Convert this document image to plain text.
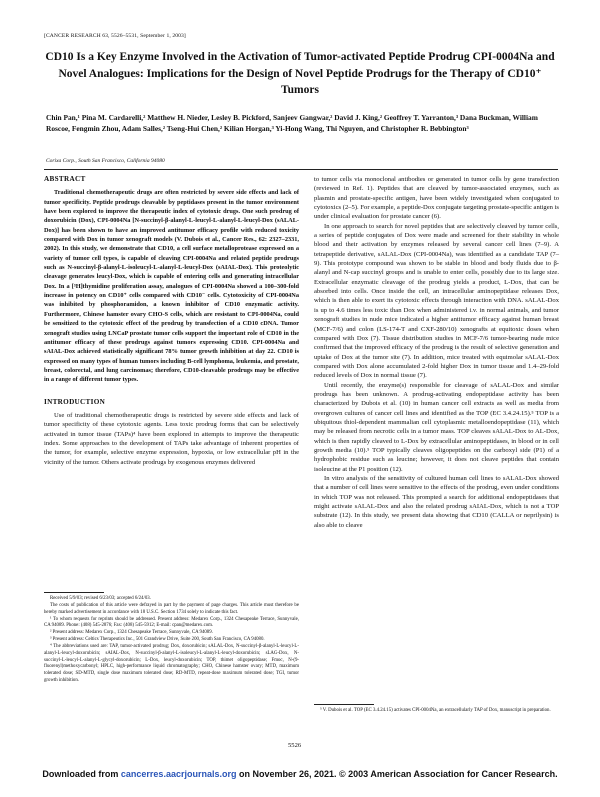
[CANCER RESEARCH 63, 5526–5531, September 1, 2003]
CD10 Is a Key Enzyme Involved in the Activation of Tumor-activated Peptide Prodrug CPI-0004Na and Novel Analogues: Implications for the Design of Novel Peptide Prodrugs for the Therapy of CD10⁺ Tumors
Chin Pan,¹ Pina M. Cardarelli,² Matthew H. Nieder, Lesley B. Pickford, Sanjeev Gangwar,² David J. King,² Geoffrey T. Yarranton,³ Dana Buckman, William Roscoe, Fengmin Zhou, Adam Salles,² Tseng-Hui Chen,² Kilian Horgan,³ Yi-Hong Wang, Thi Nguyen, and Christopher R. Bebbington³
Corixa Corp., South San Francisco, California 94080

ABSTRACT

Traditional chemotherapeutic drugs are often restricted by severe side effects and lack of tumor specificity. Peptide prodrugs cleavable by peptidases present in the tumor environment have been explored to improve the therapeutic index of cytotoxic drugs. One such prodrug of doxorubicin (Dox), CPI-0004Na [N-succinyl-β-alanyl-L-leucyl-L-alanyl-L-leucyl-Dox (sALAL-Dox)] has been shown to have an improved antitumor efficacy profile with reduced toxicity compared with Dox in tumor xenograft models (V. Dubois et al., Cancer Res., 62: 2327–2331, 2002). In this study, we demonstrate that CD10, a cell surface metalloprotease expressed on a variety of tumor cell types, is capable of cleaving CPI-0004Na and related peptide prodrugs such as N-succinyl-β-alanyl-L-isoleucyl-L-alanyl-L-leucyl-Dox (sAIAL-Dox). This proteolytic cleavage generates leucyl-Dox, which is capable of entering cells and generating intracellular Dox. In a [³H]thymidine proliferation assay, analogues of CPI-0004Na showed a 100–300-fold increase in potency on CD10⁺ cells compared with CD10⁻ cells. Cytotoxicity of CPI-0004Na was inhibited by phosphoramidon, a known inhibitor of CD10 enzymatic activity. Furthermore, Chinese hamster ovary CHO-S cells, which are resistant to CPI-0004Na, could be sensitized to the cytotoxic effect of the prodrug by transfection of a CD10 cDNA. Tumor xenograft studies using LNCaP prostate tumor cells support the important role of CD10 in the antitumor efficacy of these prodrugs against tumors expressing CD10. CPI-0004Na and sAIAL-Dox achieved statistically significant 78% tumor growth inhibition at day 22. CD10 is expressed on many types of human tumors including B-cell lymphoma, leukemia, and prostate, breast, colorectal, and lung carcinomas; therefore, CD10-cleavable prodrugs may be effective in a range of different tumor types.

INTRODUCTION

Use of traditional chemotherapeutic drugs is restricted by severe side effects and lack of tumor specificity of these cytotoxic agents. Less toxic prodrug forms that can be selectively activated in tumor tissue (TAPs)⁴ have been explored in attempts to improve the therapeutic index. Some approaches to the development of TAPs take advantage of inherent properties of the tumor, for example, selective enzyme expression, hypoxia, or low extracellular pH in the vicinity of the tumor. Others activate prodrugs by exogenous enzymes delivered

Received 5/9/03; revised 6/23/03; accepted 6/24/03.

The costs of publication of this article were defrayed in part by the payment of page charges. This article must therefore be hereby marked advertisement in accordance with 18 U.S.C. Section 1734 solely to indicate this fact.

¹ To whom requests for reprints should be addressed. Present address: Medarex Corp., 1324 Chesapeake Terrace, Sunnyvale, CA 94089. Phone: (408) 545-2876; Fax: (408) 545-5912; E-mail: cpan@medarex.com.

² Present address: Medarex Corp., 1324 Chesapeake Terrace, Sunnyvale, CA 94089.

³ Present address: Celtics Therapeutics Inc., 501 Grandview Drive, Suite 200, South San Francisco, CA 94080.

⁴ The abbreviations used are: TAP, tumor-activated prodrug; Dox, doxorubicin; sALAL-Dox, N-succinyl-β-alanyl-L-leucyl-L-alanyl-L-leucyl-doxorubicin; sAIAL-Dox, N-succinyl-β-alanyl-L-isoleucyl-L-alanyl-L-leucyl-doxorubicin; sLAG-Dox, N-succinyl-L-leucyl-L-alanyl-L-glycyl-doxorubicin; L-Dox, leucyl-doxorubicin; TOP, thimet oligopeptidase; Fmoc, N-(9-fluorenyl)methoxycarbonyl; HPLC, high-performance liquid chromatography; CHO, Chinese hamster ovary; MTD, maximum tolerated dose; SD-MTD, single dose maximum tolerated dose; RD-MTD, repeat-dose maximum tolerated dose; TGI, tumor growth inhibition.

to tumor cells via monoclonal antibodies or generated in tumor cells by gene transfection (reviewed in Ref. 1). Peptides that are cleaved by tumor-associated enzymes, such as plasmin and prostate-specific antigen, have been widely investigated when conjugated to cytotoxics (2–5). For example, a peptide-Dox conjugate targeting prostate-specific antigen is under clinical evaluation for prostate cancer (6).

In one approach to search for novel peptides that are selectively cleaved by tumor cells, a series of peptide conjugates of Dox were made and screened for their stability in whole blood and their activation by enzymes released by several cancer cell lines (7–9). A tetrapeptide derivative, sALAL-Dox (CPI-0004Na), was identified as a candidate TAP (7–9). This prototype compound was shown to be stable in blood and body fluids due to β-alanyl and N-cap succinyl groups and is unable to enter cells, possibly due to its large size. Extracellular enzymatic cleavage of the prodrug yields a product, L-Dox, that can be absorbed into cells. Once inside the cell, an intracellular aminopeptidase releases Dox, which is then able to exert its cytotoxic effects through interaction with DNA. sALAL-Dox is up to 4.6 times less toxic than Dox when administered i.v. in normal animals, and tumor xenograft studies in nude mice indicated a higher antitumor efficacy against human breast (MCF-7/6) and colon (LS-174-T and CXF-280/10) xenografts at equitoxic doses when compared with Dox (7). Tissue distribution studies in MCF-7/6 tumor-bearing nude mice confirmed that the improved efficacy of the prodrug is the result of selective generation and uptake of Dox at the tumor site (7). In addition, mice treated with equimolar sALAL-Dox compared with Dox alone accumulated 2-fold higher Dox in tumor tissue and 1.4–29-fold reduced levels of Dox in normal tissue (7).

Until recently, the enzyme(s) responsible for cleavage of sALAL-Dox and similar prodrugs has been unknown. A prodrug-activating endopeptidase activity has been characterized by Dubois et al. (10) in human cancer cell extracts as well as media from overgrown cultures of cancer cell lines and identified as the TOP (EC 3.4.24.15).⁵ TOP is a ubiquitous thiol-dependent mammalian cell cytoplasmic metalloendopeptidase (11), which may be released from necrotic cells in a tumor mass. TOP cleaves sALAL-Dox to AL-Dox, which is then rapidly cleaved to L-Dox by extracellular aminopeptidases, in blood or in cell growth media (10).⁵ TOP typically cleaves oligopeptides on the carboxyl side (P1) of a hydrophobic residue such as leucine; however, it does not cleave peptides that contain isoleucine at the P1 position (12).

In vitro analysis of the sensitivity of cultured human cell lines to sALAL-Dox showed that a number of cell lines were sensitive to the effects of the prodrug, even under conditions in which TOP was not released. This prompted a search for additional endopeptidases that might activate sALAL-Dox and also the related prodrug sAIAL-Dox, which is not a TOP substrate (12). In this study, we present data showing that CD10 (CALLA or neprilysin) is also able to cleave

⁵ V. Dubois et al. TOP (EC 3.4.24.15) activates CPI-0004Na, an extracellularly TAP of Dox, manuscript in preparation.

5526
Downloaded from cancerres.aacrjournals.org on November 26, 2021. © 2003 American Association for Cancer Research.
